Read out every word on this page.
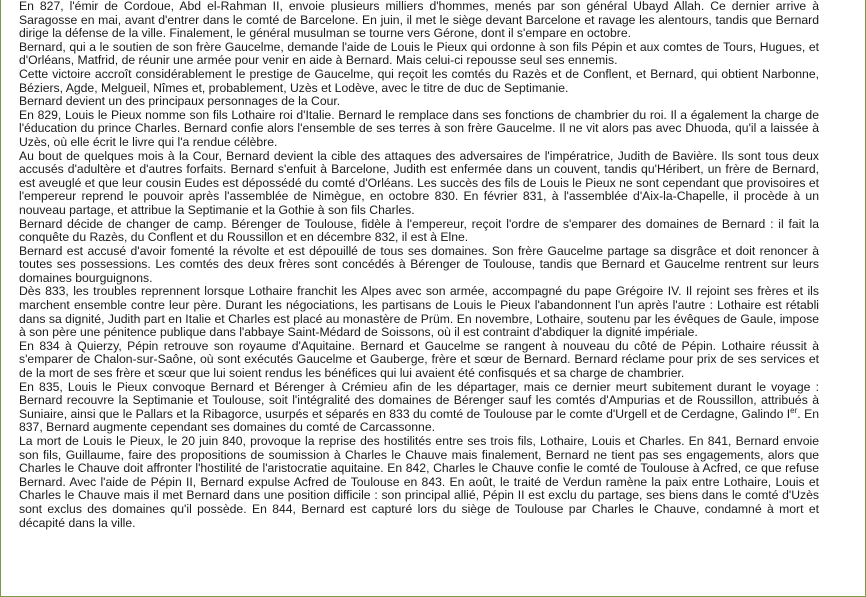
En 827, l'émir de Cordoue, Abd el-Rahman II, envoie plusieurs milliers d'hommes, menés par son général Ubayd Allah. Ce dernier arrive à Saragosse en mai, avant d'entrer dans le comté de Barcelone. En juin, il met le siège devant Barcelone et ravage les alentours, tandis que Bernard dirige la défense de la ville. Finalement, le général musulman se tourne vers Gérone, dont il s'empare en octobre.

Bernard, qui a le soutien de son frère Gaucelme, demande l'aide de Louis le Pieux qui ordonne à son fils Pépin et aux comtes de Tours, Hugues, et d'Orléans, Matfrid, de réunir une armée pour venir en aide à Bernard. Mais celui-ci repousse seul ses ennemis.

Cette victoire accroît considérablement le prestige de Gaucelme, qui reçoit les comtés du Razès et de Conflent, et Bernard, qui obtient Narbonne, Béziers, Agde, Melgueil, Nîmes et, probablement, Uzès et Lodève, avec le titre de duc de Septimanie.

Bernard devient un des principaux personnages de la Cour.

En 829, Louis le Pieux nomme son fils Lothaire roi d'Italie. Bernard le remplace dans ses fonctions de chambrier du roi. Il a également la charge de l'éducation du prince Charles. Bernard confie alors l'ensemble de ses terres à son frère Gaucelme. Il ne vit alors pas avec Dhuoda, qu'il a laissée à Uzès, où elle écrit le livre qui l'a rendue célèbre.

Au bout de quelques mois à la Cour, Bernard devient la cible des attaques des adversaires de l'impératrice, Judith de Bavière. Ils sont tous deux accusés d'adultère et d'autres forfaits. Bernard s'enfuit à Barcelone, Judith est enfermée dans un couvent, tandis qu'Héribert, un frère de Bernard, est aveuglé et que leur cousin Eudes est dépossédé du comté d'Orléans. Les succès des fils de Louis le Pieux ne sont cependant que provisoires et l'empereur reprend le pouvoir après l'assemblée de Nimègue, en octobre 830. En février 831, à l'assemblée d'Aix-la-Chapelle, il procède à un nouveau partage, et attribue la Septimanie et la Gothie à son fils Charles.

Bernard décide de changer de camp. Bérenger de Toulouse, fidèle à l'empereur, reçoit l'ordre de s'emparer des domaines de Bernard : il fait la conquête du Razès, du Conflent et du Roussillon et en décembre 832, il est à Elne.

Bernard est accusé d'avoir fomenté la révolte et est dépouillé de tous ses domaines. Son frère Gaucelme partage sa disgrâce et doit renoncer à toutes ses possessions. Les comtés des deux frères sont concédés à Bérenger de Toulouse, tandis que Bernard et Gaucelme rentrent sur leurs domaines bourguignons.

Dès 833, les troubles reprennent lorsque Lothaire franchit les Alpes avec son armée, accompagné du pape Grégoire IV. Il rejoint ses frères et ils marchent ensemble contre leur père. Durant les négociations, les partisans de Louis le Pieux l'abandonnent l'un après l'autre : Lothaire est rétabli dans sa dignité, Judith part en Italie et Charles est placé au monastère de Prüm. En novembre, Lothaire, soutenu par les évêques de Gaule, impose à son père une pénitence publique dans l'abbaye Saint-Médard de Soissons, où il est contraint d'abdiquer la dignité impériale.

En 834 à Quierzy, Pépin retrouve son royaume d'Aquitaine. Bernard et Gaucelme se rangent à nouveau du côté de Pépin. Lothaire réussit à s'emparer de Chalon-sur-Saône, où sont exécutés Gaucelme et Gauberge, frère et sœur de Bernard. Bernard réclame pour prix de ses services et de la mort de ses frère et sœur que lui soient rendus les bénéfices qui lui avaient été confisqués et sa charge de chambrier.

En 835, Louis le Pieux convoque Bernard et Bérenger à Crémieu afin de les départager, mais ce dernier meurt subitement durant le voyage : Bernard recouvre la Septimanie et Toulouse, soit l'intégralité des domaines de Bérenger sauf les comtés d'Ampurias et de Roussillon, attribués à Suniaire, ainsi que le Pallars et la Ribagorce, usurpés et séparés en 833 du comté de Toulouse par le comte d'Urgell et de Cerdagne, Galindo Ier. En 837, Bernard augmente cependant ses domaines du comté de Carcassonne.

La mort de Louis le Pieux, le 20 juin 840, provoque la reprise des hostilités entre ses trois fils, Lothaire, Louis et Charles. En 841, Bernard envoie son fils, Guillaume, faire des propositions de soumission à Charles le Chauve mais finalement, Bernard ne tient pas ses engagements, alors que Charles le Chauve doit affronter l'hostilité de l'aristocratie aquitaine. En 842, Charles le Chauve confie le comté de Toulouse à Acfred, ce que refuse Bernard. Avec l'aide de Pépin II, Bernard expulse Acfred de Toulouse en 843. En août, le traité de Verdun ramène la paix entre Lothaire, Louis et Charles le Chauve mais il met Bernard dans une position difficile : son principal allié, Pépin II est exclu du partage, ses biens dans le comté d'Uzès sont exclus des domaines qu'il possède. En 844, Bernard est capturé lors du siège de Toulouse par Charles le Chauve, condamné à mort et décapité dans la ville.
